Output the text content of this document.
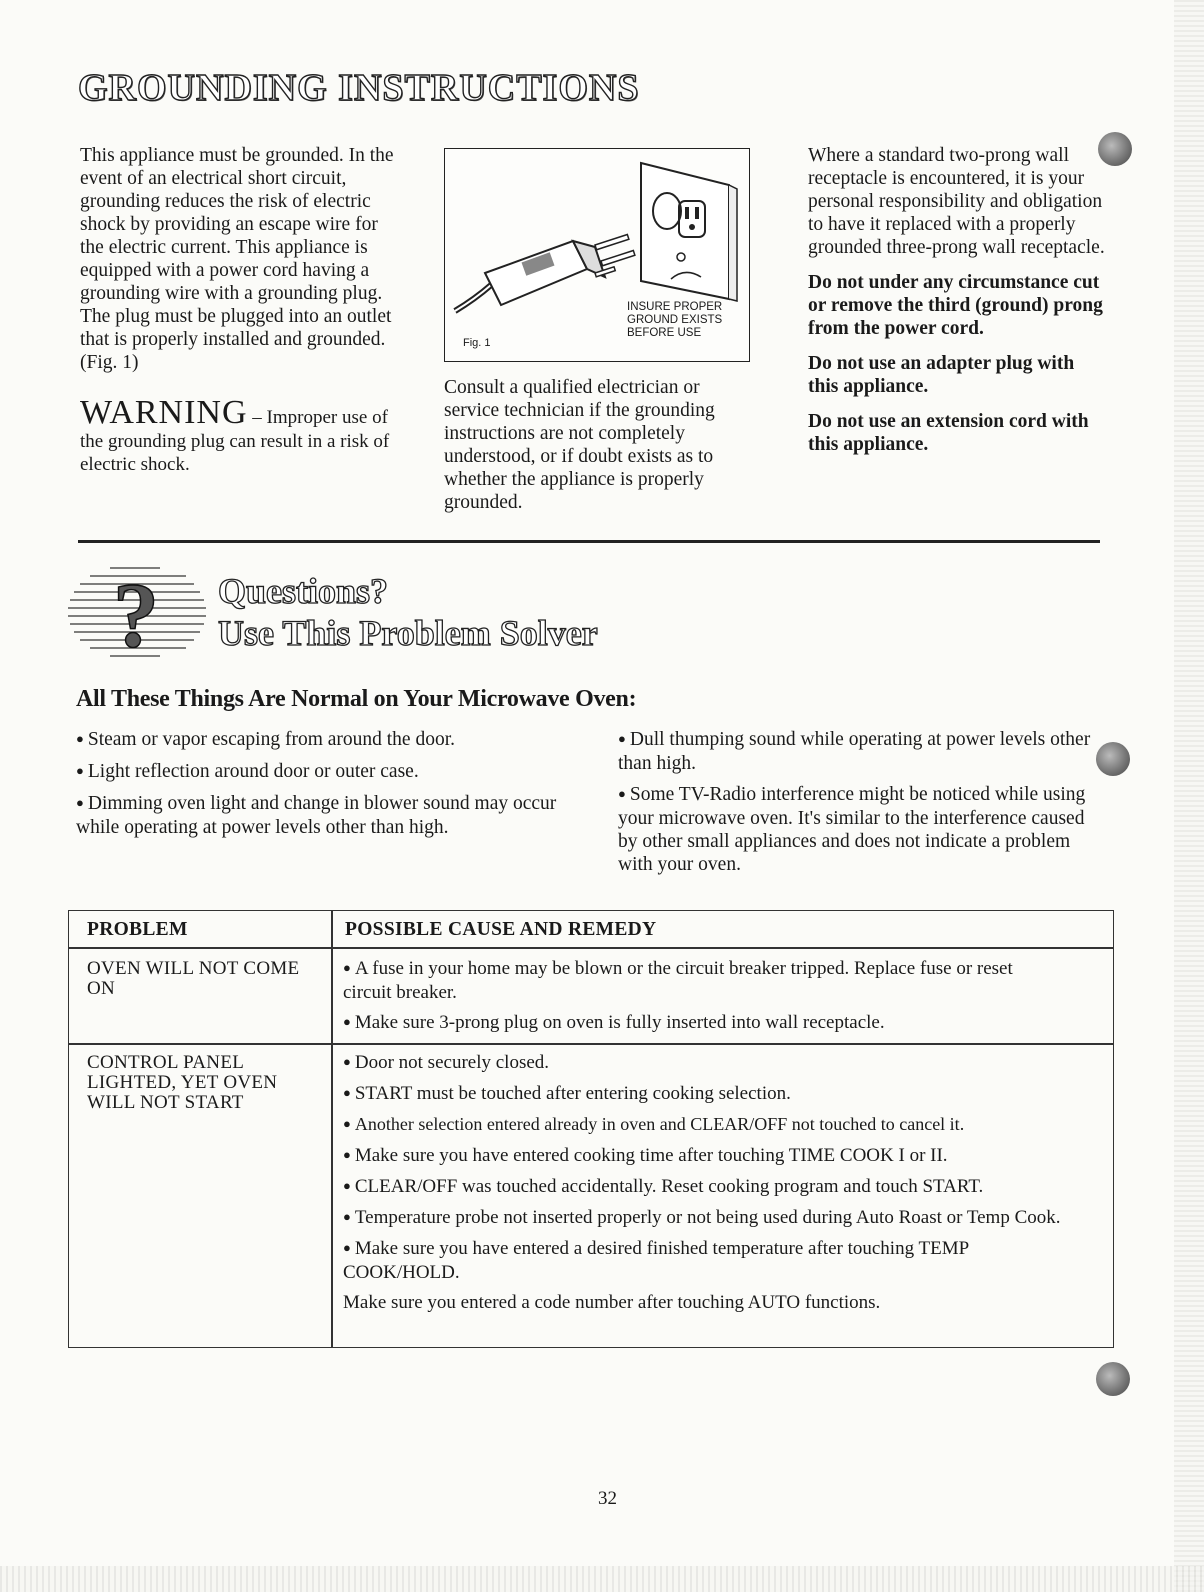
GROUNDING INSTRUCTIONS
This appliance must be grounded. In the event of an electrical short circuit, grounding reduces the risk of electric shock by providing an escape wire for the electric current. This appliance is equipped with a power cord having a grounding wire with a grounding plug. The plug must be plugged into an outlet that is properly installed and grounded. (Fig. 1)
WARNING – Improper use of the grounding plug can result in a risk of electric shock.
INSURE PROPER
GROUND EXISTS
BEFORE USE
Fig. 1
Consult a qualified electrician or service technician if the grounding instructions are not completely understood, or if doubt exists as to whether the appliance is properly grounded.
Where a standard two-prong wall receptacle is encountered, it is your personal responsibility and obligation to have it replaced with a properly grounded three-prong wall receptacle.
Do not under any circumstance cut or remove the third (ground) prong from the power cord.
Do not use an adapter plug with this appliance.
Do not use an extension cord with this appliance.
? Questions?
Use This Problem Solver
All These Things Are Normal on Your Microwave Oven:
● Steam or vapor escaping from around the door.
● Light reflection around door or outer case.
● Dimming oven light and change in blower sound may occur while operating at power levels other than high.
● Dull thumping sound while operating at power levels other than high.
● Some TV-Radio interference might be noticed while using your microwave oven. It's similar to the interference caused by other small appliances and does not indicate a problem with your oven.
PROBLEM	POSSIBLE CAUSE AND REMEDY
OVEN WILL NOT COME ON
● A fuse in your home may be blown or the circuit breaker tripped. Replace fuse or reset circuit breaker.
● Make sure 3-prong plug on oven is fully inserted into wall receptacle.
CONTROL PANEL LIGHTED, YET OVEN WILL NOT START
● Door not securely closed.
● START must be touched after entering cooking selection.
● Another selection entered already in oven and CLEAR/OFF not touched to cancel it.
● Make sure you have entered cooking time after touching TIME COOK I or II.
● CLEAR/OFF was touched accidentally. Reset cooking program and touch START.
● Temperature probe not inserted properly or not being used during Auto Roast or Temp Cook.
● Make sure you have entered a desired finished temperature after touching TEMP COOK/HOLD.
Make sure you entered a code number after touching AUTO functions.
32
